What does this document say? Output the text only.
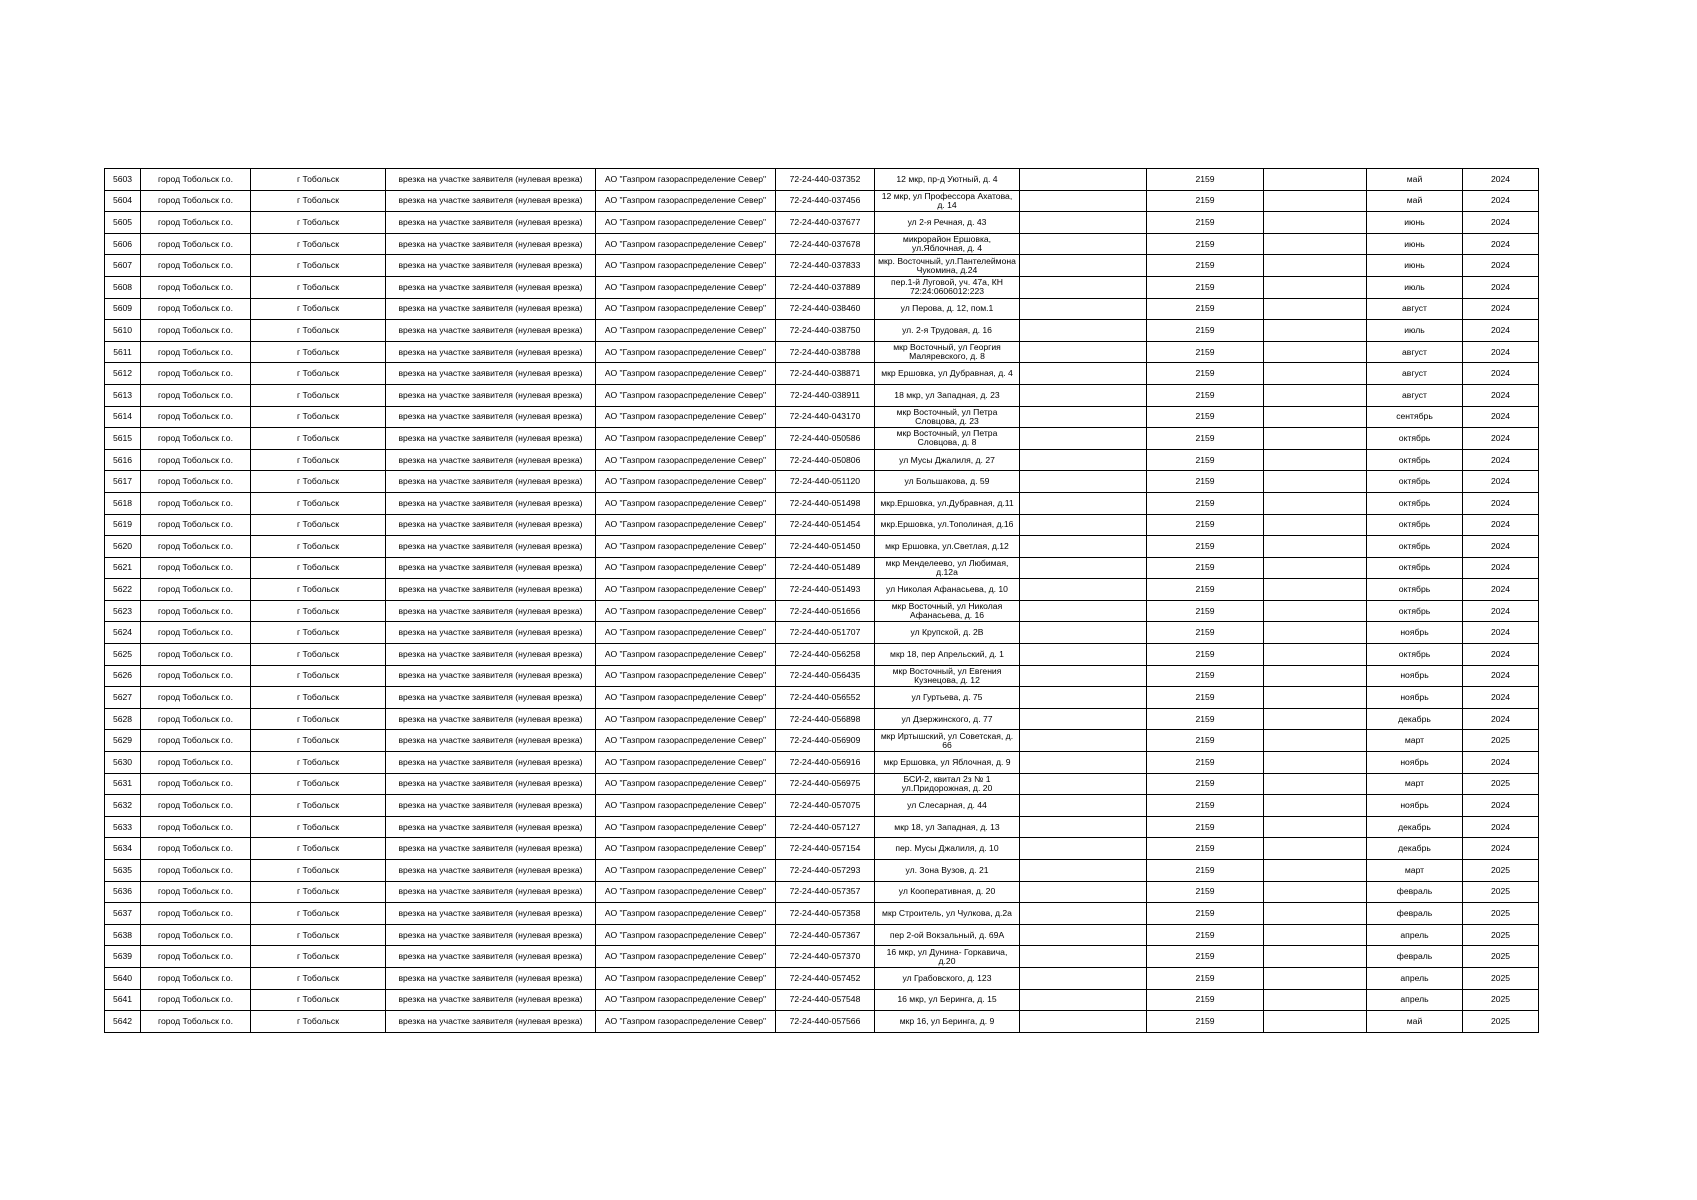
5603	город Тобольск г.о.	г Тобольск	врезка на участке заявителя (нулевая врезка)	АО "Газпром газораспределение Север"	72-24-440-037352	12 мкр, пр-д Уютный, д. 4		2159		май	2024
5604	город Тобольск г.о.	г Тобольск	врезка на участке заявителя (нулевая врезка)	АО "Газпром газораспределение Север"	72-24-440-037456	12 мкр, ул Профессора Ахатова, д. 14		2159		май	2024
5605	город Тобольск г.о.	г Тобольск	врезка на участке заявителя (нулевая врезка)	АО "Газпром газораспределение Север"	72-24-440-037677	ул 2-я Речная, д. 43		2159		июнь	2024
5606	город Тобольск г.о.	г Тобольск	врезка на участке заявителя (нулевая врезка)	АО "Газпром газораспределение Север"	72-24-440-037678	микрорайон Ершовка, ул.Яблочная, д. 4		2159		июнь	2024
5607	город Тобольск г.о.	г Тобольск	врезка на участке заявителя (нулевая врезка)	АО "Газпром газораспределение Север"	72-24-440-037833	мкр. Восточный, ул.Пантелеймона Чукомина, д.24		2159		июнь	2024
5608	город Тобольск г.о.	г Тобольск	врезка на участке заявителя (нулевая врезка)	АО "Газпром газораспределение Север"	72-24-440-037889	пер.1-й Луговой, уч. 47а, КН 72:24:0606012:223		2159		июль	2024
5609	город Тобольск г.о.	г Тобольск	врезка на участке заявителя (нулевая врезка)	АО "Газпром газораспределение Север"	72-24-440-038460	ул Перова, д. 12, пом.1		2159		август	2024
5610	город Тобольск г.о.	г Тобольск	врезка на участке заявителя (нулевая врезка)	АО "Газпром газораспределение Север"	72-24-440-038750	ул. 2-я Трудовая, д. 16		2159		июль	2024
5611	город Тобольск г.о.	г Тобольск	врезка на участке заявителя (нулевая врезка)	АО "Газпром газораспределение Север"	72-24-440-038788	мкр Восточный, ул Георгия Маляревского, д. 8		2159		август	2024
5612	город Тобольск г.о.	г Тобольск	врезка на участке заявителя (нулевая врезка)	АО "Газпром газораспределение Север"	72-24-440-038871	мкр Ершовка, ул Дубравная, д. 4		2159		август	2024
5613	город Тобольск г.о.	г Тобольск	врезка на участке заявителя (нулевая врезка)	АО "Газпром газораспределение Север"	72-24-440-038911	18 мкр, ул Западная, д. 23		2159		август	2024
5614	город Тобольск г.о.	г Тобольск	врезка на участке заявителя (нулевая врезка)	АО "Газпром газораспределение Север"	72-24-440-043170	мкр Восточный, ул Петра Словцова, д. 23		2159		сентябрь	2024
5615	город Тобольск г.о.	г Тобольск	врезка на участке заявителя (нулевая врезка)	АО "Газпром газораспределение Север"	72-24-440-050586	мкр Восточный, ул Петра Словцова, д. 8		2159		октябрь	2024
5616	город Тобольск г.о.	г Тобольск	врезка на участке заявителя (нулевая врезка)	АО "Газпром газораспределение Север"	72-24-440-050806	ул Мусы Джалиля, д. 27		2159		октябрь	2024
5617	город Тобольск г.о.	г Тобольск	врезка на участке заявителя (нулевая врезка)	АО "Газпром газораспределение Север"	72-24-440-051120	ул Большакова, д. 59		2159		октябрь	2024
5618	город Тобольск г.о.	г Тобольск	врезка на участке заявителя (нулевая врезка)	АО "Газпром газораспределение Север"	72-24-440-051498	мкр.Ершовка, ул.Дубравная, д.11		2159		октябрь	2024
5619	город Тобольск г.о.	г Тобольск	врезка на участке заявителя (нулевая врезка)	АО "Газпром газораспределение Север"	72-24-440-051454	мкр.Ершовка, ул.Тополиная, д.16		2159		октябрь	2024
5620	город Тобольск г.о.	г Тобольск	врезка на участке заявителя (нулевая врезка)	АО "Газпром газораспределение Север"	72-24-440-051450	мкр Ершовка, ул.Светлая, д.12		2159		октябрь	2024
5621	город Тобольск г.о.	г Тобольск	врезка на участке заявителя (нулевая врезка)	АО "Газпром газораспределение Север"	72-24-440-051489	мкр Менделеево, ул Любимая, д.12а		2159		октябрь	2024
5622	город Тобольск г.о.	г Тобольск	врезка на участке заявителя (нулевая врезка)	АО "Газпром газораспределение Север"	72-24-440-051493	ул Николая Афанасьева, д. 10		2159		октябрь	2024
5623	город Тобольск г.о.	г Тобольск	врезка на участке заявителя (нулевая врезка)	АО "Газпром газораспределение Север"	72-24-440-051656	мкр Восточный, ул Николая Афанасьева, д. 16		2159		октябрь	2024
5624	город Тобольск г.о.	г Тобольск	врезка на участке заявителя (нулевая врезка)	АО "Газпром газораспределение Север"	72-24-440-051707	ул Крупской, д. 2В		2159		ноябрь	2024
5625	город Тобольск г.о.	г Тобольск	врезка на участке заявителя (нулевая врезка)	АО "Газпром газораспределение Север"	72-24-440-056258	мкр 18, пер Апрельский, д. 1		2159		октябрь	2024
5626	город Тобольск г.о.	г Тобольск	врезка на участке заявителя (нулевая врезка)	АО "Газпром газораспределение Север"	72-24-440-056435	мкр Восточный, ул Евгения Кузнецова, д. 12		2159		ноябрь	2024
5627	город Тобольск г.о.	г Тобольск	врезка на участке заявителя (нулевая врезка)	АО "Газпром газораспределение Север"	72-24-440-056552	ул Гуртьева, д. 75		2159		ноябрь	2024
5628	город Тобольск г.о.	г Тобольск	врезка на участке заявителя (нулевая врезка)	АО "Газпром газораспределение Север"	72-24-440-056898	ул Дзержинского, д. 77		2159		декабрь	2024
5629	город Тобольск г.о.	г Тобольск	врезка на участке заявителя (нулевая врезка)	АО "Газпром газораспределение Север"	72-24-440-056909	мкр Иртышский, ул Советская, д. 66		2159		март	2025
5630	город Тобольск г.о.	г Тобольск	врезка на участке заявителя (нулевая врезка)	АО "Газпром газораспределение Север"	72-24-440-056916	мкр Ершовка, ул Яблочная, д. 9		2159		ноябрь	2024
5631	город Тобольск г.о.	г Тобольск	врезка на участке заявителя (нулевая врезка)	АО "Газпром газораспределение Север"	72-24-440-056975	БСИ-2, квитал 2з № 1 ул.Придорожная, д. 20		2159		март	2025
5632	город Тобольск г.о.	г Тобольск	врезка на участке заявителя (нулевая врезка)	АО "Газпром газораспределение Север"	72-24-440-057075	ул Слесарная, д. 44		2159		ноябрь	2024
5633	город Тобольск г.о.	г Тобольск	врезка на участке заявителя (нулевая врезка)	АО "Газпром газораспределение Север"	72-24-440-057127	мкр 18, ул Западная, д. 13		2159		декабрь	2024
5634	город Тобольск г.о.	г Тобольск	врезка на участке заявителя (нулевая врезка)	АО "Газпром газораспределение Север"	72-24-440-057154	пер. Мусы Джалиля, д. 10		2159		декабрь	2024
5635	город Тобольск г.о.	г Тобольск	врезка на участке заявителя (нулевая врезка)	АО "Газпром газораспределение Север"	72-24-440-057293	ул. Зона Вузов, д. 21		2159		март	2025
5636	город Тобольск г.о.	г Тобольск	врезка на участке заявителя (нулевая врезка)	АО "Газпром газораспределение Север"	72-24-440-057357	ул Кооперативная, д. 20		2159		февраль	2025
5637	город Тобольск г.о.	г Тобольск	врезка на участке заявителя (нулевая врезка)	АО "Газпром газораспределение Север"	72-24-440-057358	мкр Строитель, ул Чулкова, д.2а		2159		февраль	2025
5638	город Тобольск г.о.	г Тобольск	врезка на участке заявителя (нулевая врезка)	АО "Газпром газораспределение Север"	72-24-440-057367	пер 2-ой Вокзальный, д. 69А		2159		апрель	2025
5639	город Тобольск г.о.	г Тобольск	врезка на участке заявителя (нулевая врезка)	АО "Газпром газораспределение Север"	72-24-440-057370	16 мкр, ул Дунина- Горкавича, д.20		2159		февраль	2025
5640	город Тобольск г.о.	г Тобольск	врезка на участке заявителя (нулевая врезка)	АО "Газпром газораспределение Север"	72-24-440-057452	ул Грабовского, д. 123		2159		апрель	2025
5641	город Тобольск г.о.	г Тобольск	врезка на участке заявителя (нулевая врезка)	АО "Газпром газораспределение Север"	72-24-440-057548	16 мкр, ул Беринга, д. 15		2159		апрель	2025
5642	город Тобольск г.о.	г Тобольск	врезка на участке заявителя (нулевая врезка)	АО "Газпром газораспределение Север"	72-24-440-057566	мкр 16, ул Беринга, д. 9		2159		май	2025
